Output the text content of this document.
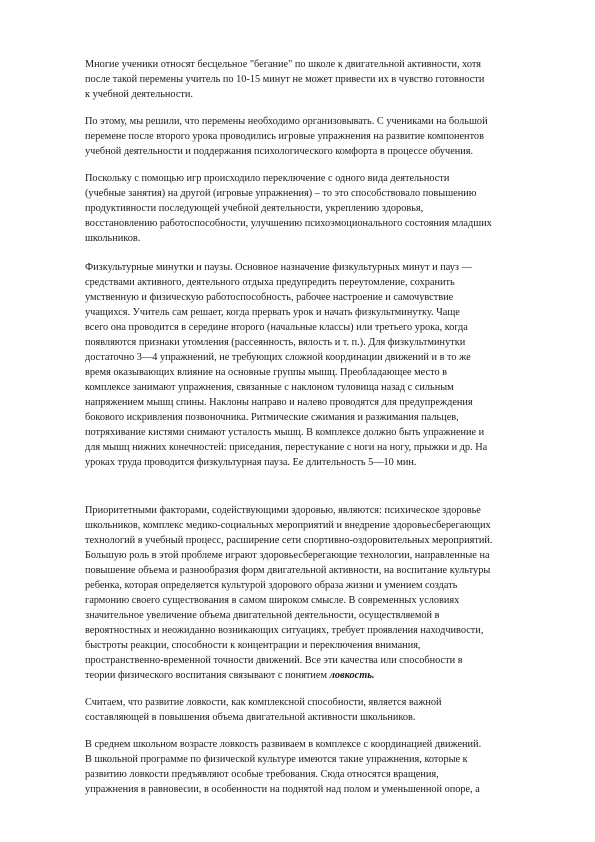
Многие ученики относят бесцельное "бегание" по школе к двигательной активности, хотя
после такой перемены учитель по 10-15 минут не может привести их в чувство готовности
к учебной деятельности.

По этому, мы решили, что перемены необходимо организовывать. С учениками на большой
перемене после второго урока проводились игровые упражнения на развитие компонентов
учебной деятельности и поддержания психологического комфорта в процессе обучения.

Поскольку с помощью игр происходило переключение с одного вида деятельности
(учебные занятия) на другой (игровые упражнения) – то это способствовало повышению
продуктивности последующей учебной деятельности, укреплению здоровья,
восстановлению работоспособности, улучшению психоэмоционального состояния младших
школьников.

Физкультурные минутки и паузы. Основное назначение физкультурных минут и пауз —
средствами активного, деятельного отдыха предупредить переутомление, сохранить
умственную и физическую работоспособность, рабочее настроение и самочувствие
учащихся. Учитель сам решает, когда прервать урок и начать физкультминутку. Чаще
всего она проводится в середине второго (начальные классы) или третьего урока, когда
появляются признаки утомления (рассеянность, вялость и т. п.). Для физкультминутки
достаточно 3—4 упражнений, не требующих сложной координации движений и в то же
время оказывающих влияние на основные группы мышц. Преобладающее место в
комплексе занимают упражнения, связанные с наклоном туловища назад с сильным
напряжением мышц спины. Наклоны направо и налево проводятся для предупреждения
бокового искривления позвоночника. Ритмические сжимания и разжимания пальцев,
потряхивание кистями снимают усталость мышц. В комплексе должно быть упражнение и
для мышц нижних конечностей: приседания, перестукание с ноги на ногу, прыжки и др. На
уроках труда проводится физкультурная пауза. Ее длительность 5—10 мин.

Приоритетными факторами, содействующими здоровью, являются: психическое здоровье
школьников, комплекс медико-социальных мероприятий и внедрение здоровьесберегающих
технологий в учебный процесс, расширение сети спортивно-оздоровительных мероприятий.
Большую роль в этой проблеме играют здоровьесберегающие технологии, направленные на
повышение объема и разнообразия форм двигательной активности, на воспитание культуры
ребенка, которая определяется культурой здорового образа жизни и умением создать
гармонию своего существования в самом широком смысле. В современных условиях
значительное увеличение объема двигательной деятельности, осуществляемой в
вероятностных и неожиданно возникающих ситуациях, требует проявления находчивости,
быстроты реакции, способности к концентрации и переключения внимания,
пространственно-временной точности движений. Все эти качества или способности в
теории физического воспитания связывают с понятием ловкость.

Считаем, что развитие ловкости, как комплексной способности, является важной
составляющей в повышения объема двигательной активности школьников.

В среднем школьном возрасте ловкость развиваем в комплексе с координацией движений.
В школьной программе по физической культуре имеются такие упражнения, которые к
развитию ловкости предъявляют особые требования. Сюда относятся вращения,
упражнения в равновесии, в особенности на поднятой над полом и уменьшенной опоре, а
